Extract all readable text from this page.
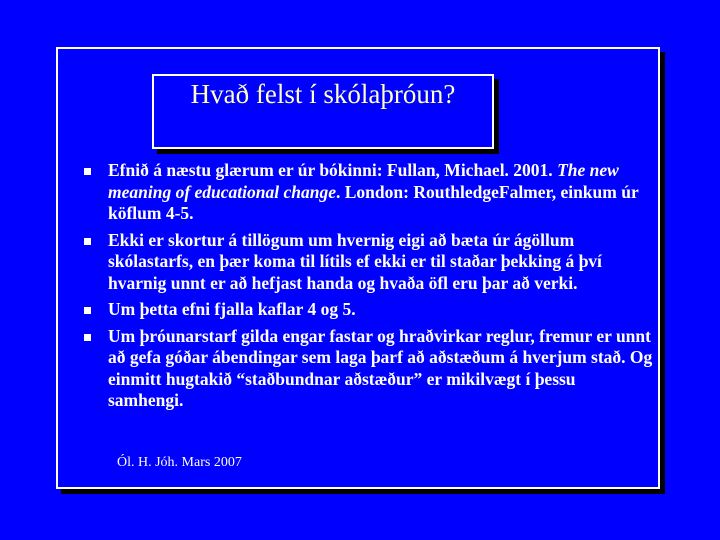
Hvað felst í skólaþróun?
Efnið á næstu glærum er úr bókinni: Fullan, Michael. 2001. The new meaning of educational change. London: RouthledgeFalmer, einkum úr köflum 4-5.
Ekki er skortur á tillögum um hvernig eigi að bæta úr ágöllum skólastarfs, en þær koma til lítils ef ekki er til staðar þekking á því hvarnig unnt er að hefjast handa og hvaða öfl eru þar að verki.
Um þetta efni fjalla kaflar 4 og 5.
Um þróunarstarf gilda engar fastar og hraðvirkar reglur, fremur er unnt að gefa góðar ábendingar sem laga þarf að aðstæðum á hverjum stað. Og einmitt hugtakið “staðbundnar aðstæður” er mikilvægt í þessu samhengi.
Ól. H. Jóh. Mars 2007
